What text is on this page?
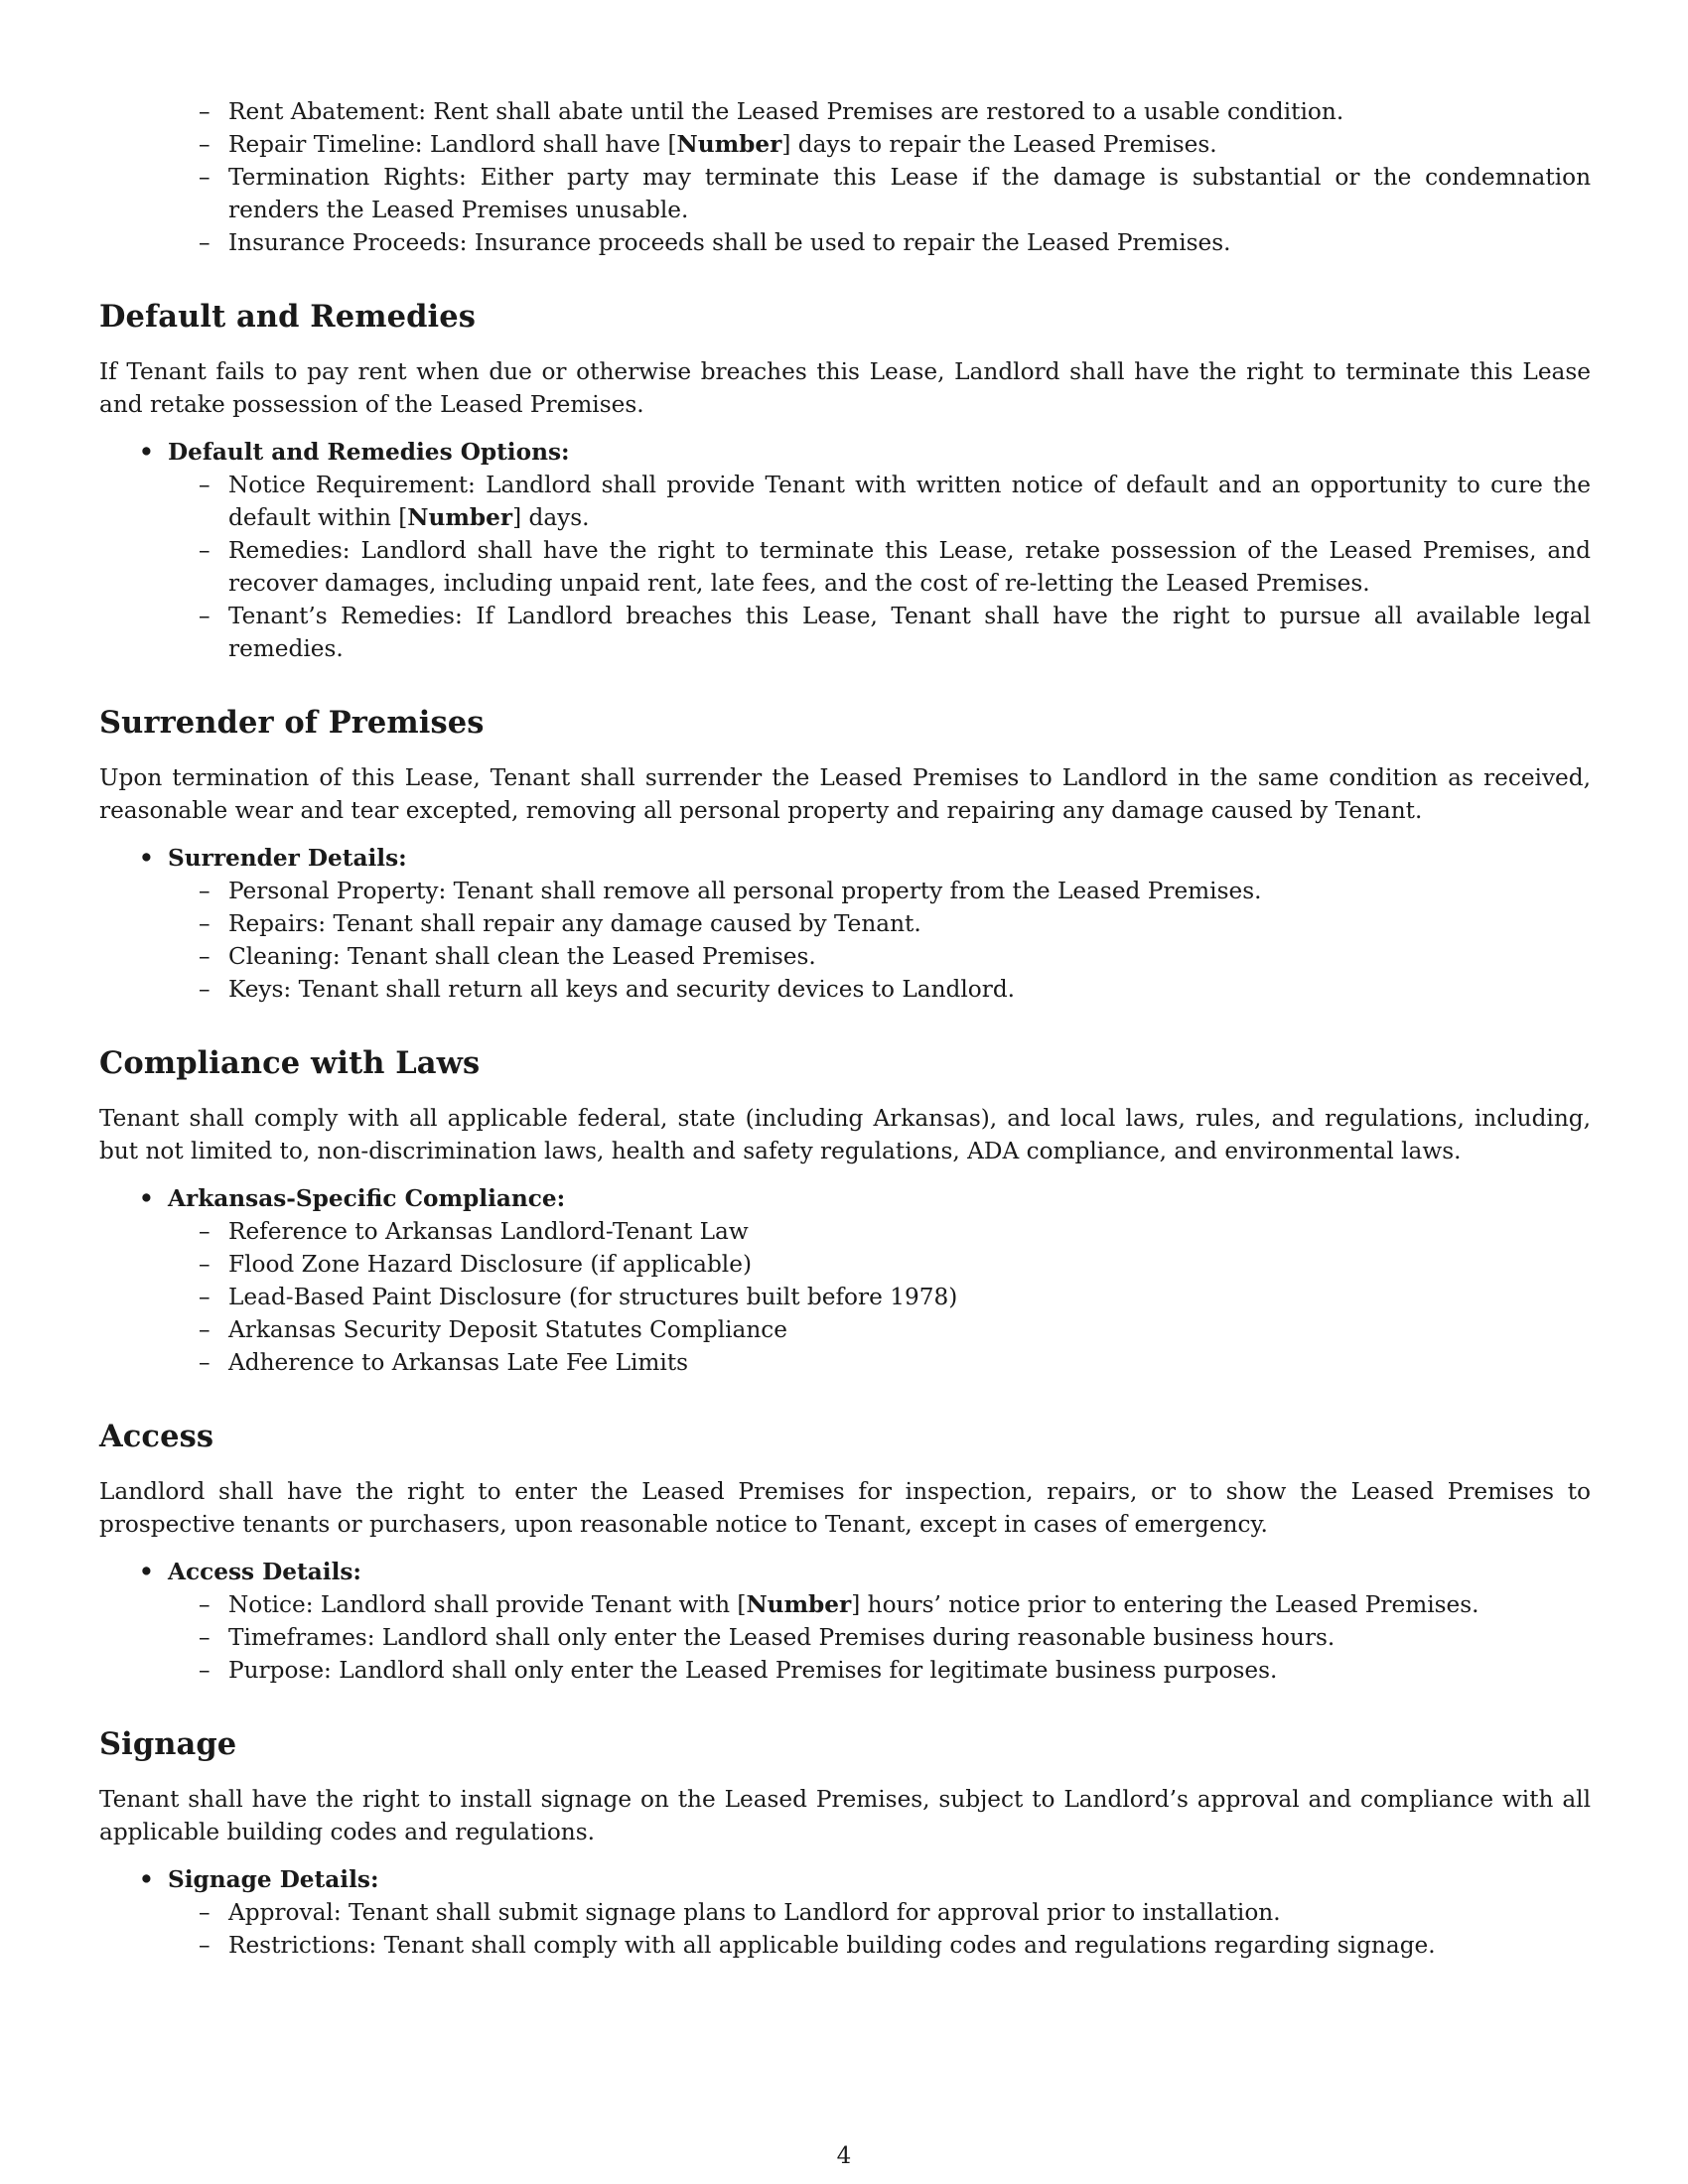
– Rent Abatement: Rent shall abate until the Leased Premises are restored to a usable condition.
– Repair Timeline: Landlord shall have [Number] days to repair the Leased Premises.
– Termination Rights: Either party may terminate this Lease if the damage is substantial or the condemnation renders the Leased Premises unusable.
– Insurance Proceeds: Insurance proceeds shall be used to repair the Leased Premises.
Default and Remedies

If Tenant fails to pay rent when due or otherwise breaches this Lease, Landlord shall have the right to terminate this Lease and retake possession of the Leased Premises.

• Default and Remedies Options:
– Notice Requirement: Landlord shall provide Tenant with written notice of default and an opportunity to cure the default within [Number] days.
– Remedies: Landlord shall have the right to terminate this Lease, retake possession of the Leased Premises, and recover damages, including unpaid rent, late fees, and the cost of re-letting the Leased Premises.
– Tenant’s Remedies: If Landlord breaches this Lease, Tenant shall have the right to pursue all available legal remedies.
Surrender of Premises

Upon termination of this Lease, Tenant shall surrender the Leased Premises to Landlord in the same condition as received, reasonable wear and tear excepted, removing all personal property and repairing any damage caused by Tenant.

• Surrender Details:
– Personal Property: Tenant shall remove all personal property from the Leased Premises.
– Repairs: Tenant shall repair any damage caused by Tenant.
– Cleaning: Tenant shall clean the Leased Premises.
– Keys: Tenant shall return all keys and security devices to Landlord.
Compliance with Laws

Tenant shall comply with all applicable federal, state (including Arkansas), and local laws, rules, and regulations, including, but not limited to, non-discrimination laws, health and safety regulations, ADA compliance, and environmental laws.

• Arkansas-Specific Compliance:
– Reference to Arkansas Landlord-Tenant Law
– Flood Zone Hazard Disclosure (if applicable)
– Lead-Based Paint Disclosure (for structures built before 1978)
– Arkansas Security Deposit Statutes Compliance
– Adherence to Arkansas Late Fee Limits
Access

Landlord shall have the right to enter the Leased Premises for inspection, repairs, or to show the Leased Premises to prospective tenants or purchasers, upon reasonable notice to Tenant, except in cases of emergency.

• Access Details:
– Notice: Landlord shall provide Tenant with [Number] hours’ notice prior to entering the Leased Premises.
– Timeframes: Landlord shall only enter the Leased Premises during reasonable business hours.
– Purpose: Landlord shall only enter the Leased Premises for legitimate business purposes.
Signage

Tenant shall have the right to install signage on the Leased Premises, subject to Landlord’s approval and compliance with all applicable building codes and regulations.

• Signage Details:
– Approval: Tenant shall submit signage plans to Landlord for approval prior to installation.
– Restrictions: Tenant shall comply with all applicable building codes and regulations regarding signage.
4
